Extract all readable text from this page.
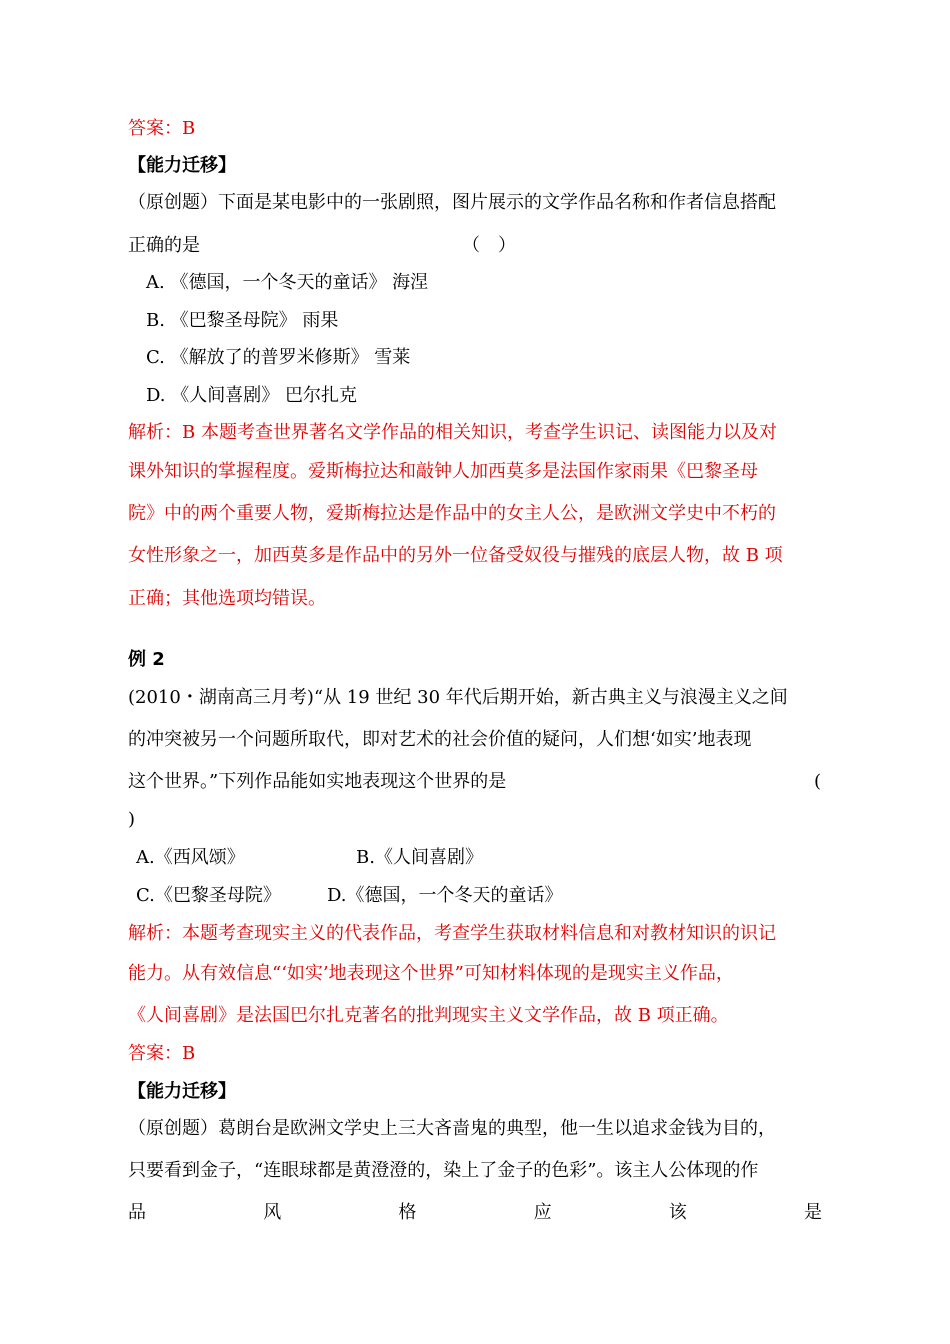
答案：B
【能力迁移】
（原创题）下面是某电影中的一张剧照，图片展示的文学作品名称和作者信息搭配
正确的是	（　）
A. 《德国，一个冬天的童话》 海涅
B. 《巴黎圣母院》 雨果
C. 《解放了的普罗米修斯》 雪莱
D. 《人间喜剧》 巴尔扎克
解析：B 本题考查世界著名文学作品的相关知识，考查学生识记、读图能力以及对
课外知识的掌握程度。爱斯梅拉达和敲钟人加西莫多是法国作家雨果《巴黎圣母
院》中的两个重要人物，爱斯梅拉达是作品中的女主人公，是欧洲文学史中不朽的
女性形象之一，加西莫多是作品中的另外一位备受奴役与摧残的底层人物，故 B 项
正确；其他选项均错误。
例 2
(2010・湖南高三月考)“从 19 世纪 30 年代后期开始，新古典主义与浪漫主义之间
的冲突被另一个问题所取代，即对艺术的社会价值的疑问，人们想‘如实’地表现
这个世界。”下列作品能如实地表现这个世界的是	(
)
A.《西风颂》	B.《人间喜剧》
C.《巴黎圣母院》	D.《德国，一个冬天的童话》
解析：本题考查现实主义的代表作品，考查学生获取材料信息和对教材知识的识记
能力。从有效信息“‘如实’地表现这个世界”可知材料体现的是现实主义作品，
《人间喜剧》是法国巴尔扎克著名的批判现实主义文学作品，故 B 项正确。
答案：B
【能力迁移】
（原创题）葛朗台是欧洲文学史上三大吝啬鬼的典型，他一生以追求金钱为目的，
只要看到金子，“连眼球都是黄澄澄的，染上了金子的色彩”。该主人公体现的作
品	风	格	应	该	是
